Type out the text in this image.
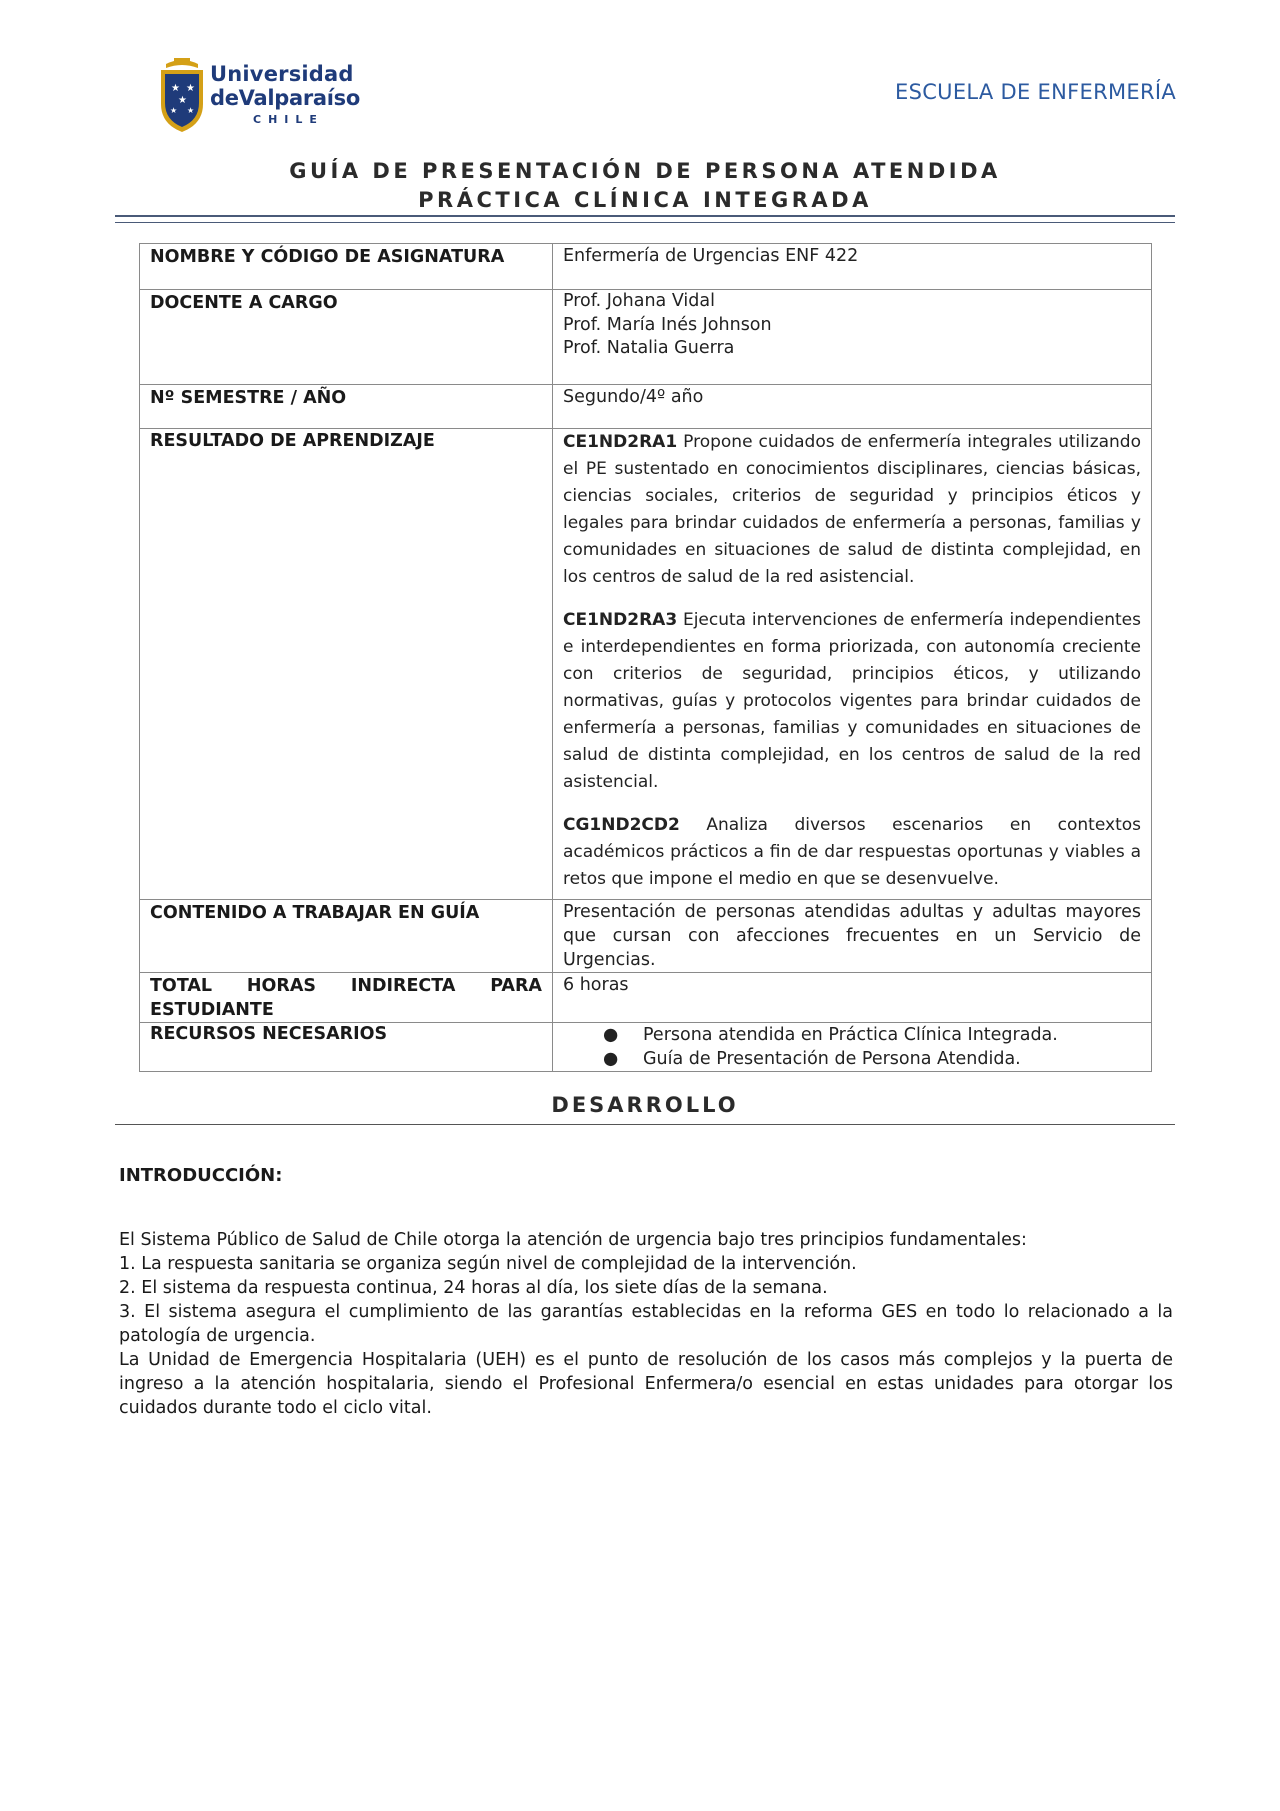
★ ★
★
★ ★
Universidad
deValparaíso
CHILE
ESCUELA DE ENFERMERÍA
GUÍA DE PRESENTACIÓN DE PERSONA ATENDIDA
PRÁCTICA CLÍNICA INTEGRADA
NOMBRE Y CÓDIGO DE ASIGNATURA	Enfermería de Urgencias ENF 422
DOCENTE A CARGO	Prof. Johana Vidal
Prof. María Inés Johnson
Prof. Natalia Guerra

Nº SEMESTRE / AÑO	Segundo/4º año
RESULTADO DE APRENDIZAJE	CE1ND2RA1 Propone cuidados de enfermería integrales utilizando el PE sustentado en conocimientos disciplinares, ciencias básicas, ciencias sociales, criterios de seguridad y principios éticos y legales para brindar cuidados de enfermería a personas, familias y comunidades en situaciones de salud de distinta complejidad, en los centros de salud de la red asistencial.

CE1ND2RA3 Ejecuta intervenciones de enfermería independientes e interdependientes en forma priorizada, con autonomía creciente con criterios de seguridad, principios éticos, y utilizando normativas, guías y protocolos vigentes para brindar cuidados de enfermería a personas, familias y comunidades en situaciones de salud de distinta complejidad, en los centros de salud de la red asistencial.

CG1ND2CD2 Analiza diversos escenarios en contextos académicos prácticos a fin de dar respuestas oportunas y viables a retos que impone el medio en que se desenvuelve.

CONTENIDO A TRABAJAR EN GUÍA	Presentación de personas atendidas adultas y adultas mayores que cursan con afecciones frecuentes en un Servicio de Urgencias.

TOTAL HORAS INDIRECTA PARA
ESTUDIANTE	6 horas
RECURSOS NECESARIOS	● Persona atendida en Práctica Clínica Integrada.
● Guía de Presentación de Persona Atendida.
DESARROLLO
INTRODUCCIÓN:
El Sistema Público de Salud de Chile otorga la atención de urgencia bajo tres principios fundamentales:
1. La respuesta sanitaria se organiza según nivel de complejidad de la intervención.
2. El sistema da respuesta continua, 24 horas al día, los siete días de la semana.
3. El sistema asegura el cumplimiento de las garantías establecidas en la reforma GES en todo lo relacionado a la patología de urgencia.
La Unidad de Emergencia Hospitalaria (UEH) es el punto de resolución de los casos más complejos y la puerta de ingreso a la atención hospitalaria, siendo el Profesional Enfermera/o esencial en estas unidades para otorgar los cuidados durante todo el ciclo vital.
